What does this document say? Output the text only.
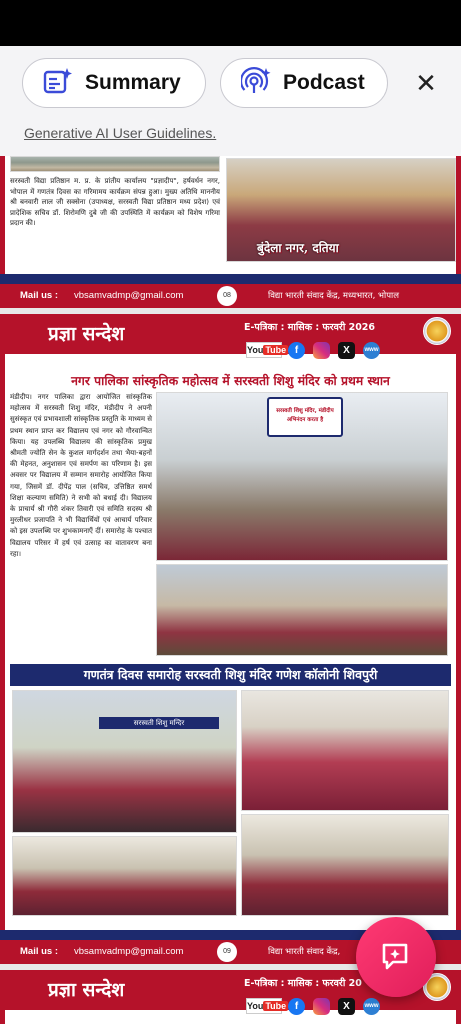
Summary	Podcast ✕
Generative AI User Guidelines.
सरस्वती विद्या प्रतिष्ठान म. प्र. के प्रांतीय कार्यालय "प्रज्ञादीप", हर्षवर्धन नगर, भोपाल में गणतंत्र दिवस का गरिमामय कार्यक्रम संपन्न हुआ। मुख्य अतिथि माननीय श्री बनवारी लाल जी सक्सेना (उपाध्यक्ष, सरस्वती विद्या प्रतिष्ठान मध्य प्रदेश) एवं प्रादेशिक सचिव डॉ. शिरोमणि दुबे जी की उपस्थिति में कार्यक्रम को विशेष गरिमा प्रदान की।
बुंदेला नगर, दतिया
Mail us : vbsamvadmp@gmail.com	08	विद्या भारती संवाद केंद्र, मध्यभारत, भोपाल
प्रज्ञा सन्देश	E-पत्रिका : मासिक : फरवरी 2026
You Tube f	X	www
नगर पालिका सांस्कृतिक महोत्सव में सरस्वती शिशु मंदिर को प्रथम स्थान
मंडीदीप। नगर पालिका द्वारा आयोजित सांस्कृतिक महोत्सव में सरस्वती शिशु मंदिर, मंडीदीप ने अपनी सुसंस्कृत एवं प्रभावशाली सांस्कृतिक प्रस्तुति के माध्यम से प्रथम स्थान प्राप्त कर विद्यालय एवं नगर को गौरवान्वित किया। यह उपलब्धि विद्यालय की सांस्कृतिक प्रमुख श्रीमती ज्योति सेन के कुशल मार्गदर्शन तथा भैया-बहनों की मेहनत, अनुशासन एवं समर्पण का परिणाम है। इस अवसर पर विद्यालय में सम्मान समारोह आयोजित किया गया, जिसमें डॉ. दीपेंद्र पाल (सचिव, उत्तिष्ठित समर्थ शिक्षा कल्याण समिति) ने सभी को बधाई दी। विद्यालय के प्राचार्य श्री गौरी शंकर तिवारी एवं समिति सदस्य श्री मुरलीधर प्रजापति ने भी विद्यार्थियों एवं आचार्य परिवार को इस उपलब्धि पर शुभकामनाएँ दीं। समारोह के पश्चात विद्यालय परिसर में हर्ष एवं उत्साह का वातावरण बना रहा।
सरस्वती शिशु मंदिर, मंडीदीप अभिनंदन करता है
गणतंत्र दिवस समारोह सरस्वती शिशु मंदिर गणेश कॉलोनी शिवपुरी
सरस्वती शिशु मन्दिर
Mail us : vbsamvadmp@gmail.com	09	विद्या भारती संवाद केंद्र,
प्रज्ञा सन्देश	E-पत्रिका : मासिक : फरवरी 20
You Tube f	X	www
